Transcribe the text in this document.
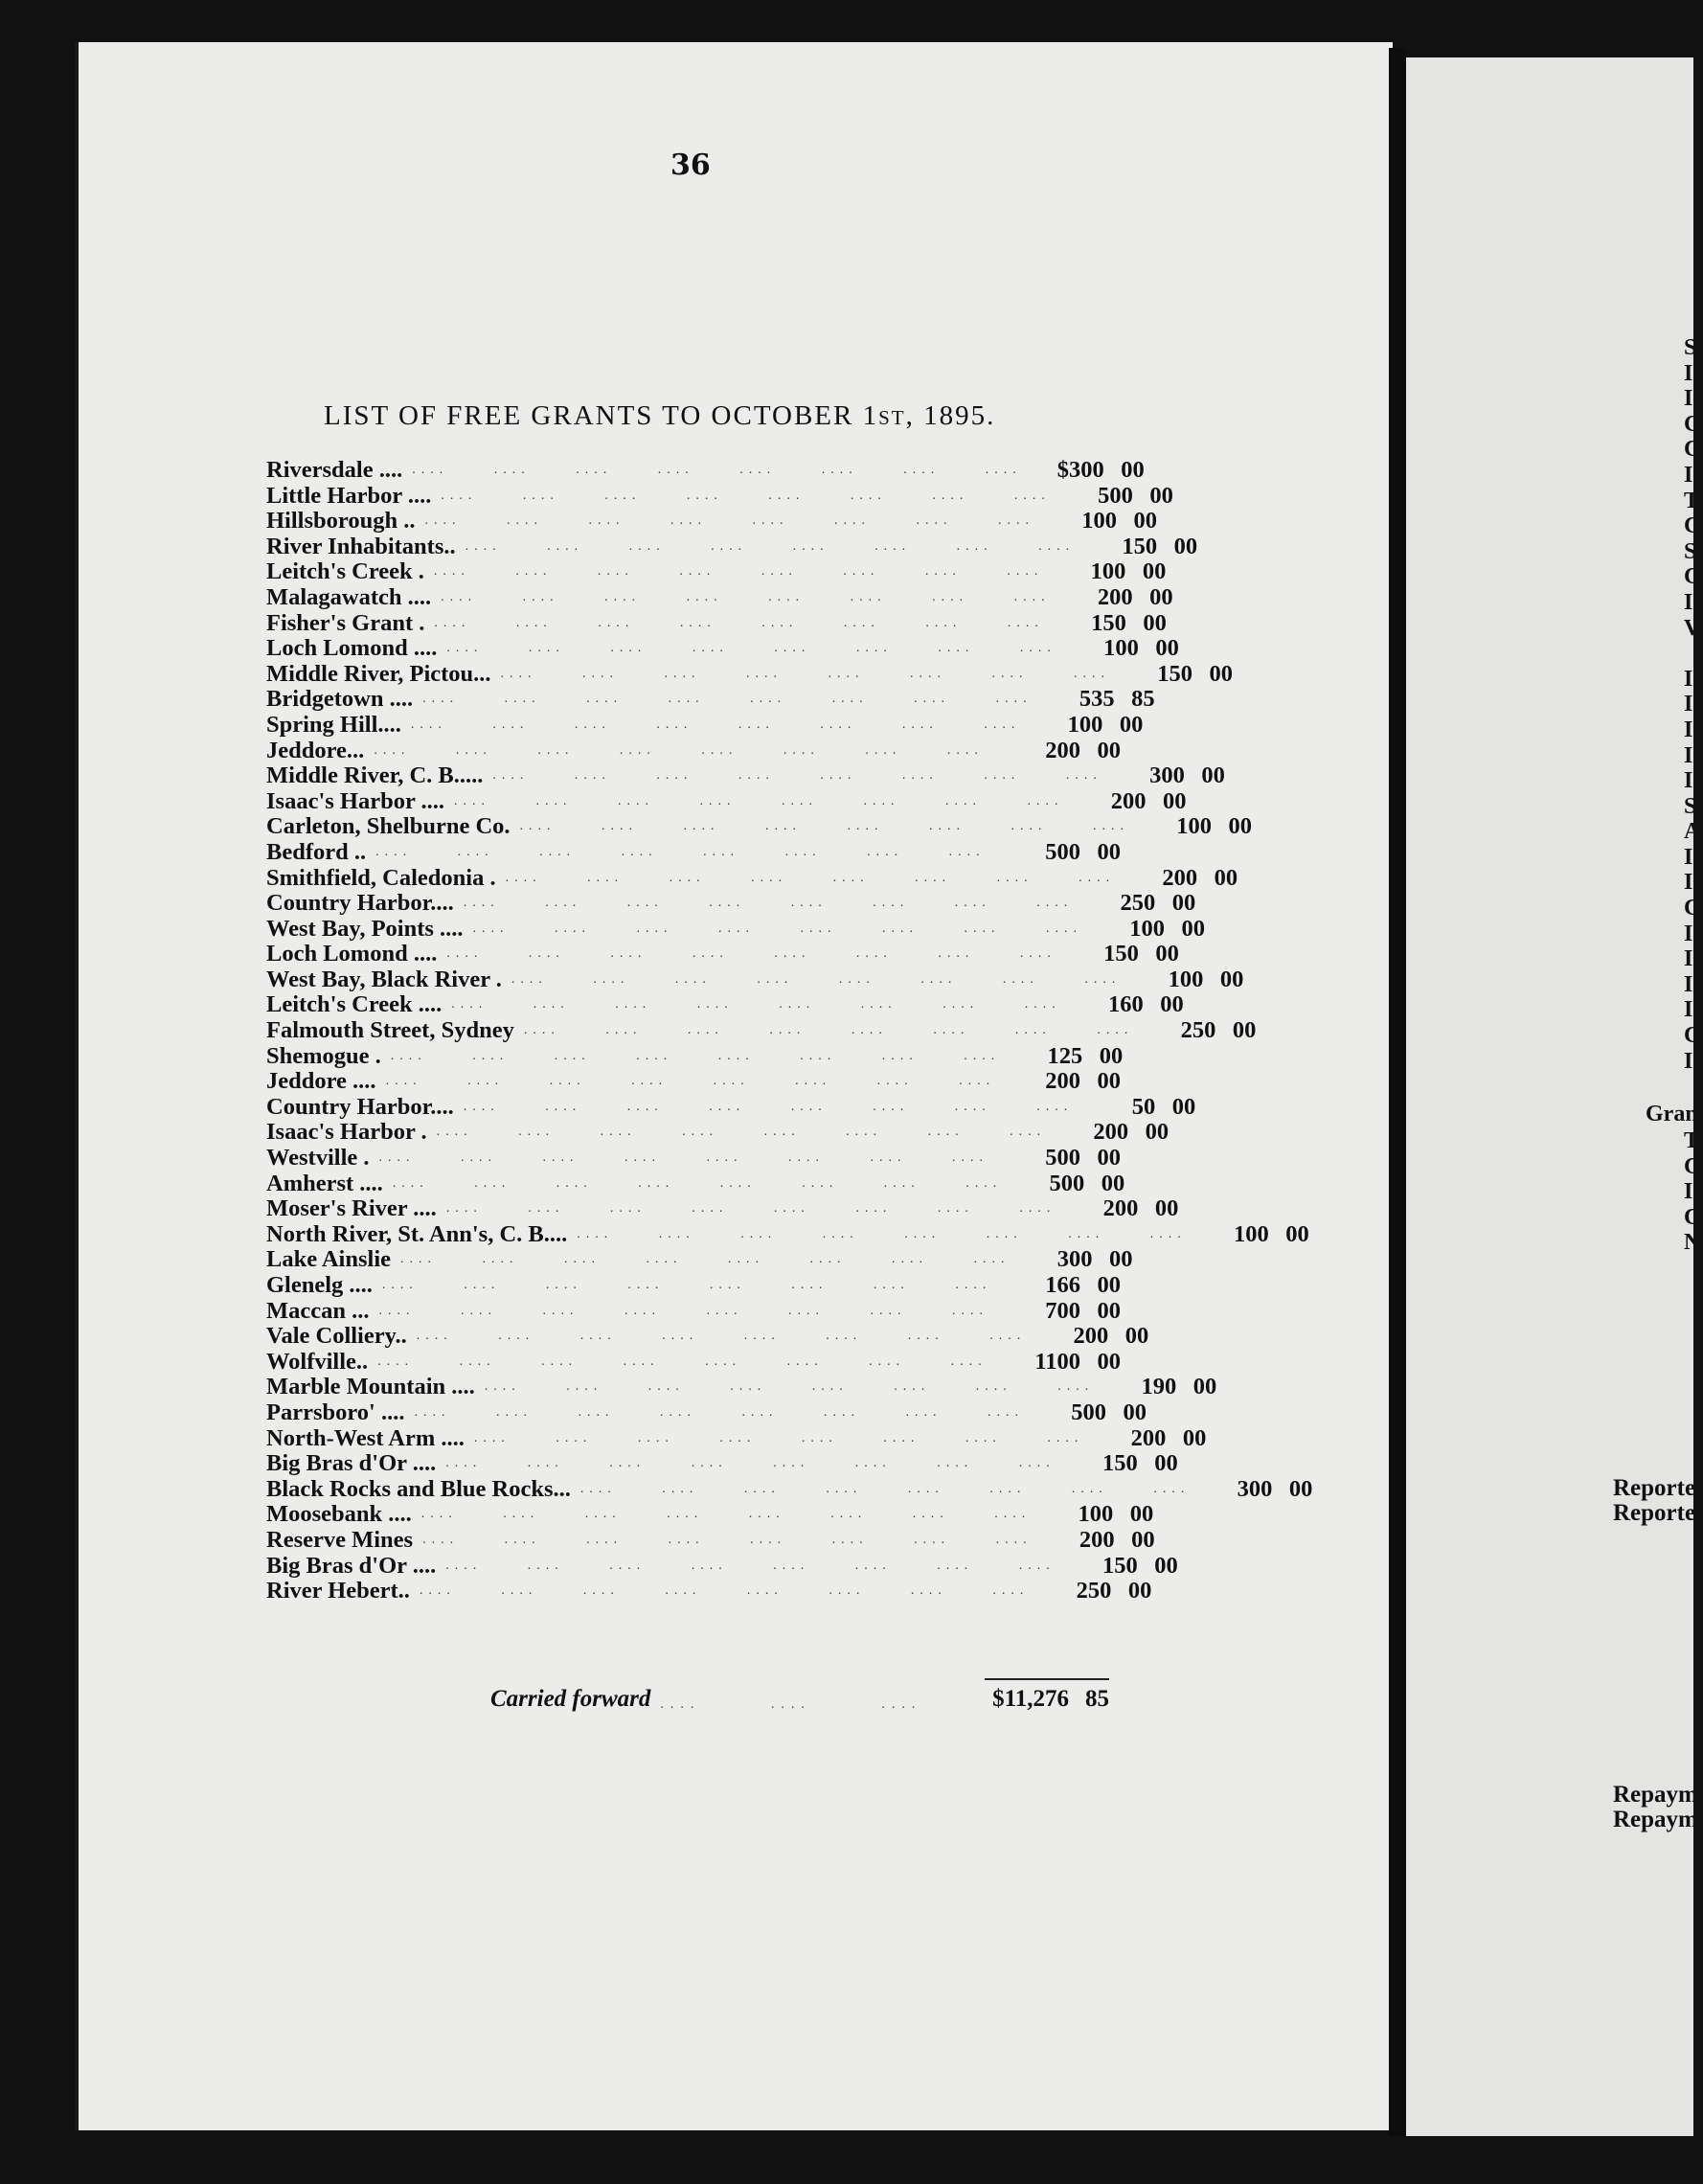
S
I
I
C
C
I
T
C
S
C
I
V
I
I
I
I
I
S
A
I
I
C
I
I
I
I
C
I
Gran
T
C
I
C
N
Reporte
Reporte
Repaym
Repaym
36
LIST OF FREE GRANTS TO OCTOBER 1ST, 1895.
Riversdale .... ....     ....     ....     ....     ....     ....     ....     ....	$300 00
Little Harbor .... ....     ....     ....     ....     ....     ....     ....     ....	500 00
Hillsborough .. ....     ....     ....     ....     ....     ....     ....     ....	100 00
River Inhabitants.. ....     ....     ....     ....     ....     ....     ....     ....	150 00
Leitch's Creek . ....     ....     ....     ....     ....     ....     ....     ....	100 00
Malagawatch .... ....     ....     ....     ....     ....     ....     ....     ....	200 00
Fisher's Grant . ....     ....     ....     ....     ....     ....     ....     ....	150 00
Loch Lomond .... ....     ....     ....     ....     ....     ....     ....     ....	100 00
Middle River, Pictou... ....     ....     ....     ....     ....     ....     ....     ....	150 00
Bridgetown .... ....     ....     ....     ....     ....     ....     ....     ....	535 85
Spring Hill.... ....     ....     ....     ....     ....     ....     ....     ....	100 00
Jeddore... ....     ....     ....     ....     ....     ....     ....     ....	200 00
Middle River, C. B..... ....     ....     ....     ....     ....     ....     ....     ....	300 00
Isaac's Harbor .... ....     ....     ....     ....     ....     ....     ....     ....	200 00
Carleton, Shelburne Co. ....     ....     ....     ....     ....     ....     ....     ....	100 00
Bedford .. ....     ....     ....     ....     ....     ....     ....     ....	500 00
Smithfield, Caledonia . ....     ....     ....     ....     ....     ....     ....     ....	200 00
Country Harbor.... ....     ....     ....     ....     ....     ....     ....     ....	250 00
West Bay, Points .... ....     ....     ....     ....     ....     ....     ....     ....	100 00
Loch Lomond .... ....     ....     ....     ....     ....     ....     ....     ....	150 00
West Bay, Black River . ....     ....     ....     ....     ....     ....     ....     ....	100 00
Leitch's Creek .... ....     ....     ....     ....     ....     ....     ....     ....	160 00
Falmouth Street, Sydney ....     ....     ....     ....     ....     ....     ....     ....	250 00
Shemogue . ....     ....     ....     ....     ....     ....     ....     ....	125 00
Jeddore .... ....     ....     ....     ....     ....     ....     ....     ....	200 00
Country Harbor.... ....     ....     ....     ....     ....     ....     ....     ....	50 00
Isaac's Harbor . ....     ....     ....     ....     ....     ....     ....     ....	200 00
Westville . ....     ....     ....     ....     ....     ....     ....     ....	500 00
Amherst .... ....     ....     ....     ....     ....     ....     ....     ....	500 00
Moser's River .... ....     ....     ....     ....     ....     ....     ....     ....	200 00
North River, St. Ann's, C. B.... ....     ....     ....     ....     ....     ....     ....     ....	100 00
Lake Ainslie ....     ....     ....     ....     ....     ....     ....     ....	300 00
Glenelg .... ....     ....     ....     ....     ....     ....     ....     ....	166 00
Maccan ... ....     ....     ....     ....     ....     ....     ....     ....	700 00
Vale Colliery.. ....     ....     ....     ....     ....     ....     ....     ....	200 00
Wolfville.. ....     ....     ....     ....     ....     ....     ....     ....	1100 00
Marble Mountain .... ....     ....     ....     ....     ....     ....     ....     ....	190 00
Parrsboro' .... ....     ....     ....     ....     ....     ....     ....     ....	500 00
North-West Arm .... ....     ....     ....     ....     ....     ....     ....     ....	200 00
Big Bras d'Or .... ....     ....     ....     ....     ....     ....     ....     ....	150 00
Black Rocks and Blue Rocks... ....     ....     ....     ....     ....     ....     ....     ....	300 00
Moosebank .... ....     ....     ....     ....     ....     ....     ....     ....	100 00
Reserve Mines ....     ....     ....     ....     ....     ....     ....     ....	200 00
Big Bras d'Or .... ....     ....     ....     ....     ....     ....     ....     ....	150 00
River Hebert.. ....     ....     ....     ....     ....     ....     ....     ....	250 00
Carried forward ....       ....       ....	$11,276 85
